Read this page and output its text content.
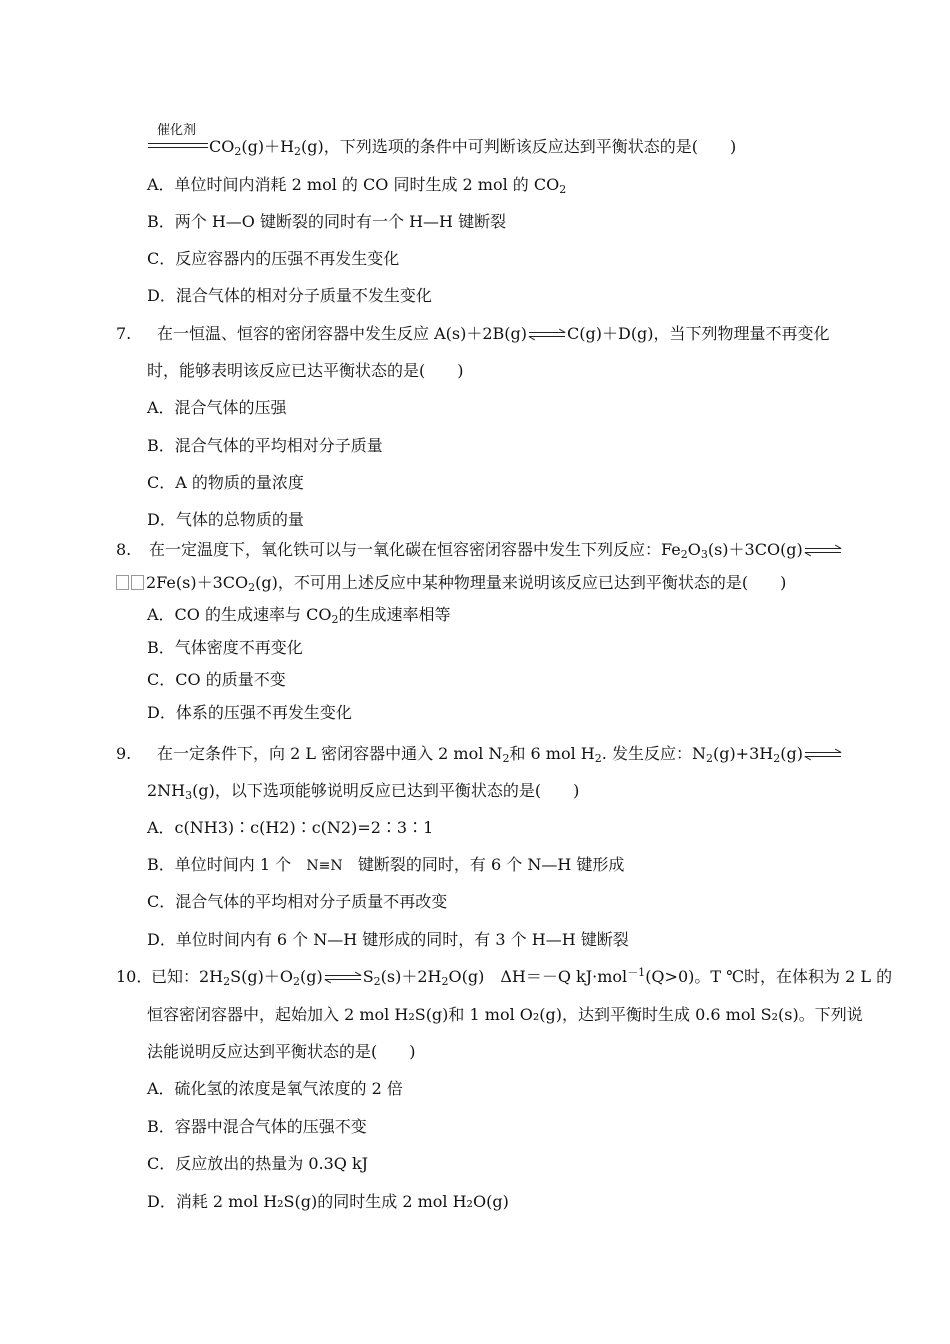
催化剂
$CO_2(g)+H_2(g)$，下列选项的条件中可判断该反应达到平衡状态的是(　　)
A．单位时间内消耗 2 mol 的 CO 同时生成 2 mol 的 $CO_2$
B．两个 H—O 键断裂的同时有一个 H—H 键断裂
C．反应容器内的压强不再发生变化
D．混合气体的相对分子质量不发生变化
7. 在一恒温、恒容的密闭容器中发生反应 A(s)＋2B(g)	C(g)＋D(g)，当下列物理量不再变化
时，能够表明该反应已达平衡状态的是(　　)
A．混合气体的压强
B．混合气体的平均相对分子质量
C．A 的物质的量浓度
D．气体的总物质的量
8. 在一定温度下，氧化铁可以与一氧化碳在恒容密闭容器中发生下列反应：$Fe_2O_3(s)+3CO(g)$
$2Fe(s)+3CO_2(g)$，不可用上述反应中某种物理量来说明该反应已达到平衡状态的是(　　)
A．CO 的生成速率与 $CO_2$的生成速率相等
B．气体密度不再变化
C．CO 的质量不变
D．体系的压强不再发生变化
9. 在一定条件下，向 2 L 密闭容器中通入 2 mol $N_2$和 6 mol $H_2$. 发生反应：$N_2(g)+3H_2(g)$
$2NH_3(g)$，以下选项能够说明反应已达到平衡状态的是(　　)
A．c(NH3)∶c(H2)∶c(N2)=2∶3∶1
B．单位时间内 1 个 N≡N 键断裂的同时，有 6 个 N—H 键形成
C．混合气体的平均相对分子质量不再改变
D．单位时间内有 6 个 N—H 键形成的同时，有 3 个 H—H 键断裂
10．
已知：$2H_2S(g)+O_2(g)$	$S_2(s)+2H_2O(g)$　ΔH＝－Q kJ·mol$^{-1}$(Q>0)。T ℃时，在体积为 2 L 的
恒容密闭容器中，起始加入 2 mol H₂S(g)和 1 mol O₂(g)，达到平衡时生成 0.6 mol S₂(s)。下列说
法能说明反应达到平衡状态的是(　　)
A．硫化氢的浓度是氧气浓度的 2 倍
B．容器中混合气体的压强不变
C．反应放出的热量为 0.3Q kJ
D．消耗 2 mol H₂S(g)的同时生成 2 mol H₂O(g)
